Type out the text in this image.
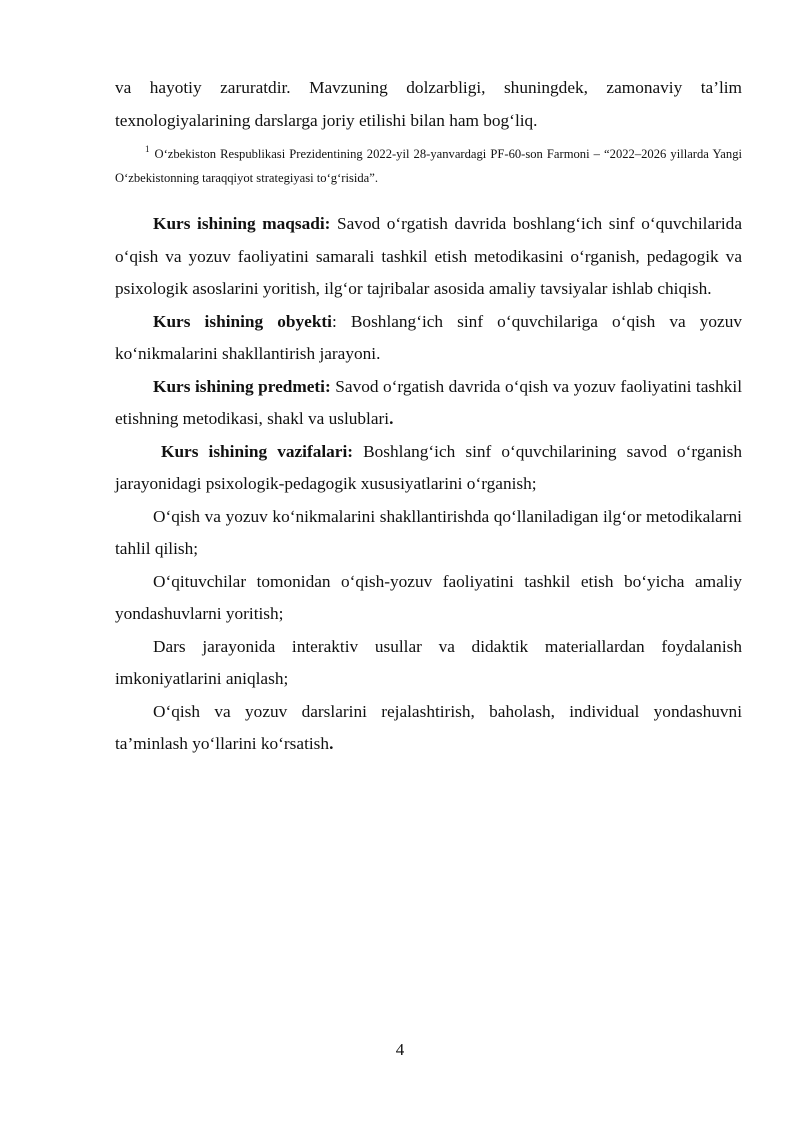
va hayotiy zaruratdir. Mavzuning dolzarbligi, shuningdek, zamonaviy ta’lim texnologiyalarining darslarga joriy etilishi bilan ham bog‘liq.

$^1$ O‘zbekiston Respublikasi Prezidentining 2022-yil 28-yanvardagi PF-60-son Farmoni – “2022–2026 yillarda Yangi O‘zbekistonning taraqqiyot strategiyasi to‘g‘risida”.

Kurs ishining maqsadi: Savod o‘rgatish davrida boshlang‘ich sinf o‘quvchilarida o‘qish va yozuv faoliyatini samarali tashkil etish metodikasini o‘rganish, pedagogik va psixologik asoslarini yoritish, ilg‘or tajribalar asosida amaliy tavsiyalar ishlab chiqish.

Kurs ishining obyekti: Boshlang‘ich sinf o‘quvchilariga o‘qish va yozuv ko‘nikmalarini shakllantirish jarayoni.

Kurs ishining predmeti: Savod o‘rgatish davrida o‘qish va yozuv faoliyatini tashkil etishning metodikasi, shakl va uslublari.

Kurs ishining vazifalari: Boshlang‘ich sinf o‘quvchilarining savod o‘rganish jarayonidagi psixologik-pedagogik xususiyatlarini o‘rganish;

O‘qish va yozuv ko‘nikmalarini shakllantirishda qo‘llaniladigan ilg‘or metodikalarni tahlil qilish;

O‘qituvchilar tomonidan o‘qish-yozuv faoliyatini tashkil etish bo‘yicha amaliy yondashuvlarni yoritish;

Dars jarayonida interaktiv usullar va didaktik materiallardan foydalanish imkoniyatlarini aniqlash;

O‘qish va yozuv darslarini rejalashtirish, baholash, individual yondashuvni ta’minlash yo‘llarini ko‘rsatish.

4
